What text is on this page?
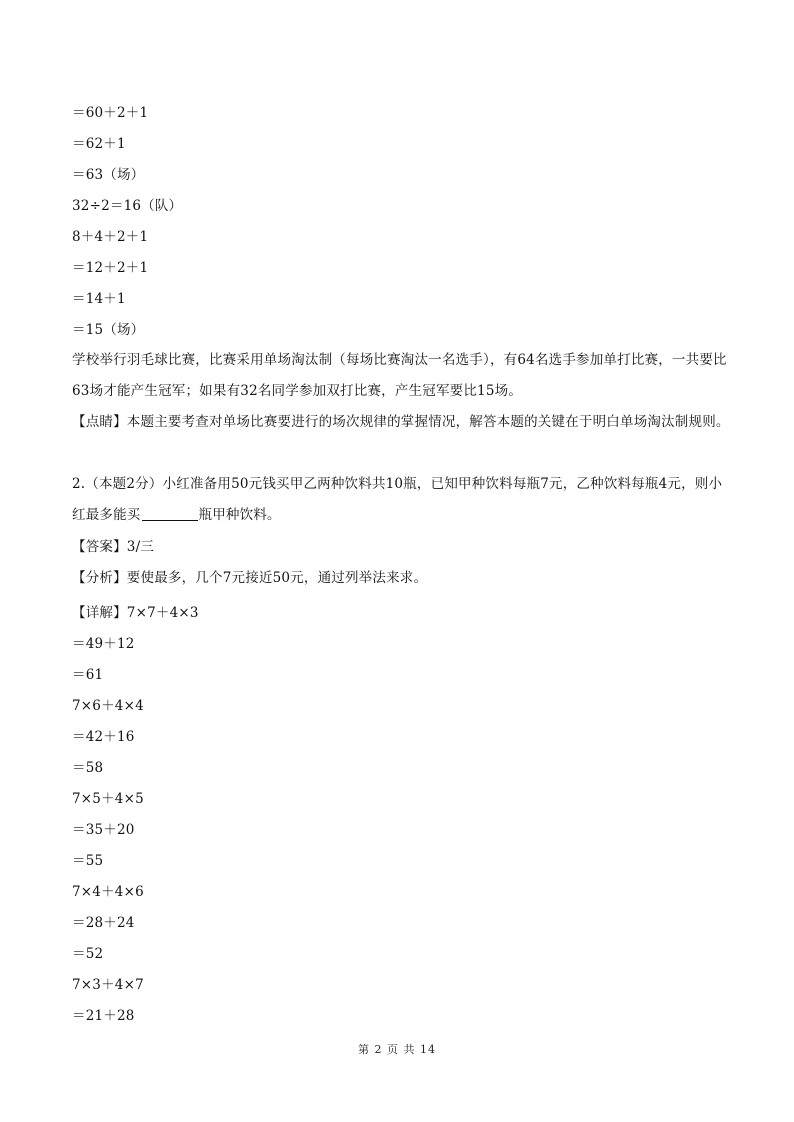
＝60＋2＋1
＝62＋1
＝63（场）
32÷2＝16（队）
8＋4＋2＋1
＝12＋2＋1
＝14＋1
＝15（场）
学校举行羽毛球比赛，比赛采用单场淘汰制（每场比赛淘汰一名选手），有64名选手参加单打比赛，一共要比63场才能产生冠军；如果有32名同学参加双打比赛，产生冠军要比15场。
【点睛】本题主要考查对单场比赛要进行的场次规律的掌握情况，解答本题的关键在于明白单场淘汰制规则。
2.（本题2分）小红准备用50元钱买甲乙两种饮料共10瓶，已知甲种饮料每瓶7元，乙种饮料每瓶4元，则小红最多能买	瓶甲种饮料。
【答案】3/三
【分析】要使最多，几个7元接近50元，通过列举法来求。
【详解】7×7＋4×3
＝49＋12
＝61
7×6＋4×4
＝42＋16
＝58
7×5＋4×5
＝35＋20
＝55
7×4＋4×6
＝28＋24
＝52
7×3＋4×7
＝21＋28
第 2 页 共 14
